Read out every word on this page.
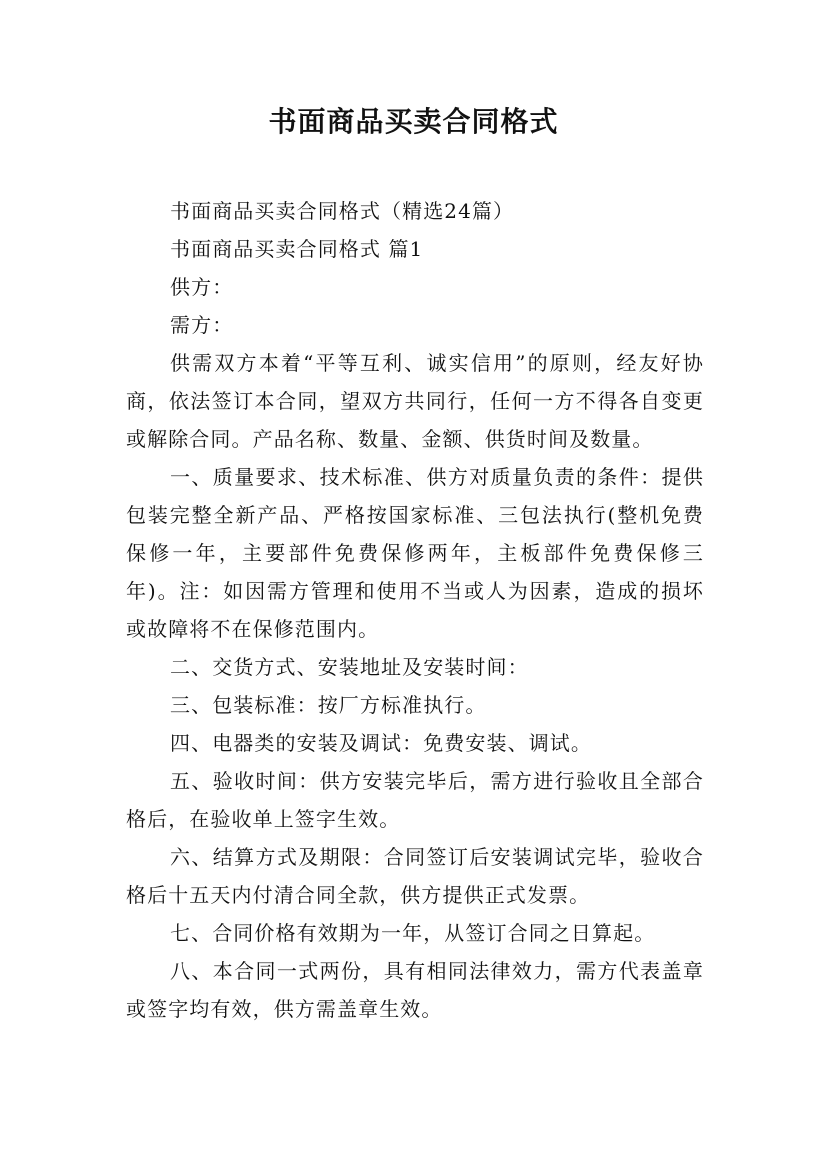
书面商品买卖合同格式

书面商品买卖合同格式（精选24篇）

书面商品买卖合同格式 篇1

供方：

需方：

供需双方本着“平等互利、诚实信用”的原则，经友好协商，依法签订本合同，望双方共同行，任何一方不得各自变更或解除合同。产品名称、数量、金额、供货时间及数量。

一、质量要求、技术标准、供方对质量负责的条件：提供包装完整全新产品、严格按国家标准、三包法执行(整机免费保修一年，主要部件免费保修两年，主板部件免费保修三年)。注：如因需方管理和使用不当或人为因素，造成的损坏或故障将不在保修范围内。

二、交货方式、安装地址及安装时间：

三、包装标准：按厂方标准执行。

四、电器类的安装及调试：免费安装、调试。

五、验收时间：供方安装完毕后，需方进行验收且全部合格后，在验收单上签字生效。

六、结算方式及期限：合同签订后安装调试完毕，验收合格后十五天内付清合同全款，供方提供正式发票。

七、合同价格有效期为一年，从签订合同之日算起。

八、本合同一式两份，具有相同法律效力，需方代表盖章或签字均有效，供方需盖章生效。
